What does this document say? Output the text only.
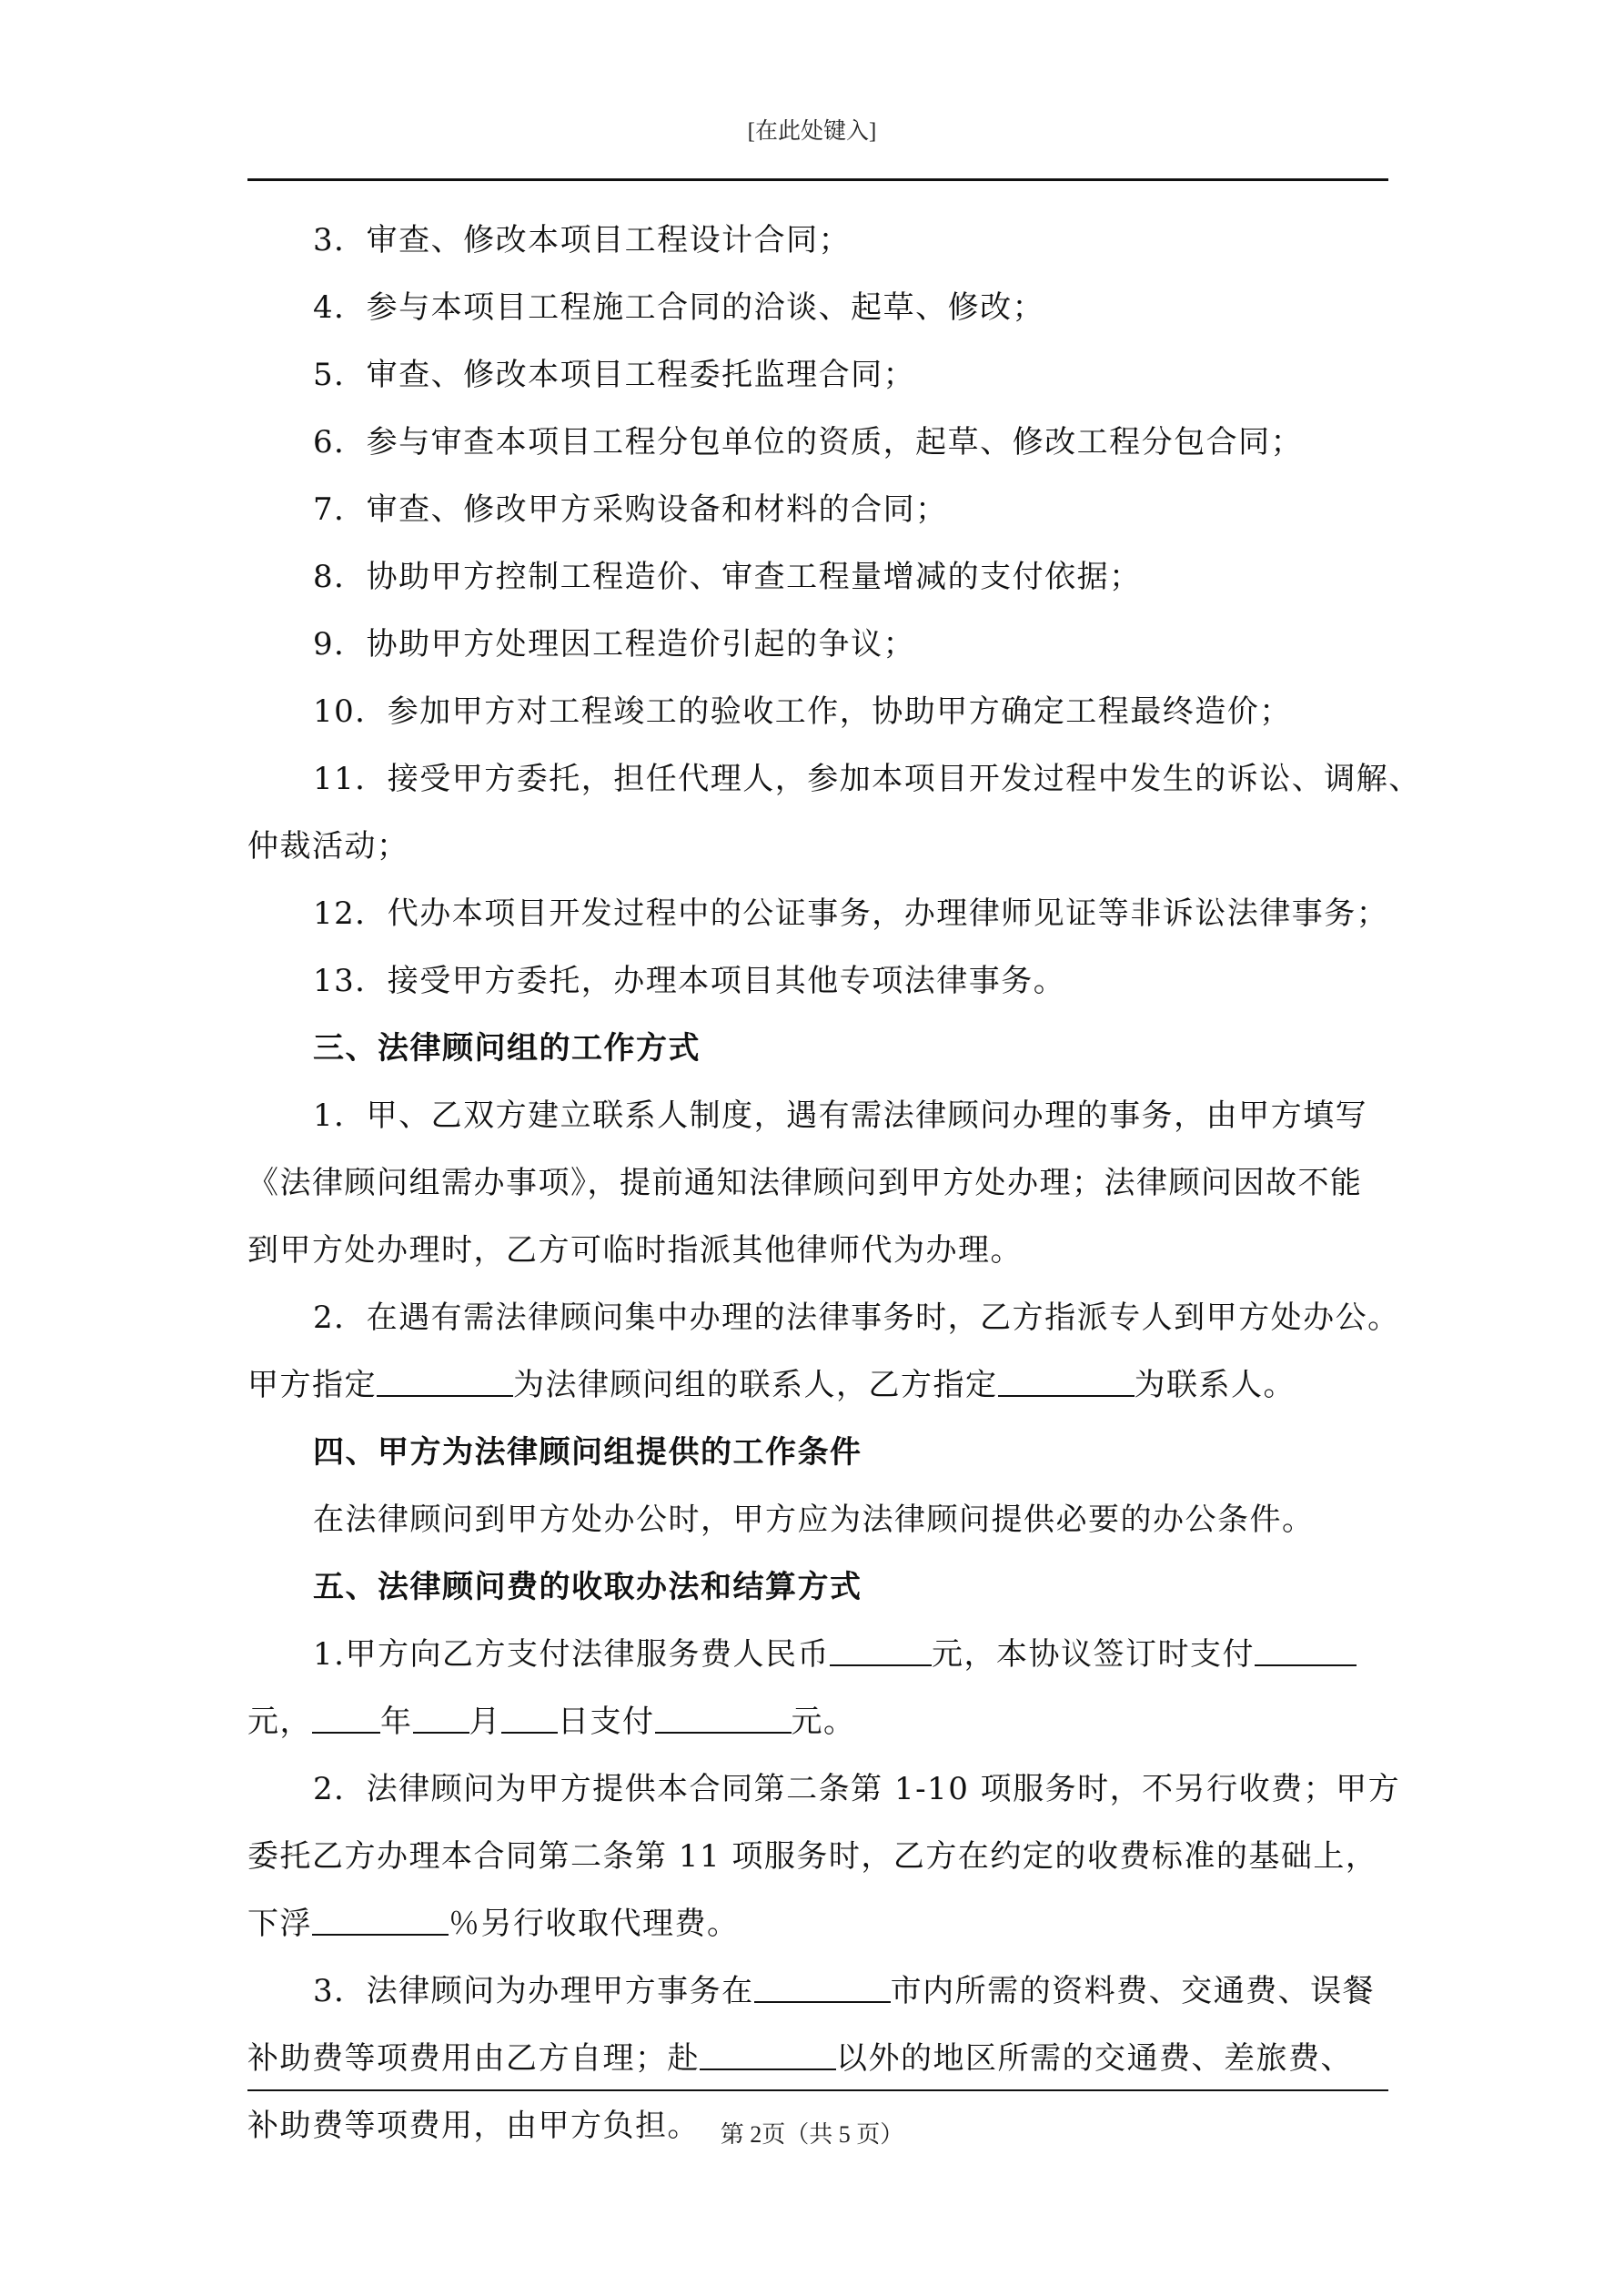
[在此处键入]

3．审查、修改本项目工程设计合同；

4．参与本项目工程施工合同的洽谈、起草、修改；

5．审查、修改本项目工程委托监理合同；

6．参与审查本项目工程分包单位的资质，起草、修改工程分包合同；

7．审查、修改甲方采购设备和材料的合同；

8．协助甲方控制工程造价、审查工程量增减的支付依据；

9．协助甲方处理因工程造价引起的争议；

10．参加甲方对工程竣工的验收工作，协助甲方确定工程最终造价；

11．接受甲方委托，担任代理人，参加本项目开发过程中发生的诉讼、调解、

仲裁活动；

12．代办本项目开发过程中的公证事务，办理律师见证等非诉讼法律事务；

13．接受甲方委托，办理本项目其他专项法律事务。

三、法律顾问组的工作方式

1．甲、乙双方建立联系人制度，遇有需法律顾问办理的事务，由甲方填写

《法律顾问组需办事项》，提前通知法律顾问到甲方处办理；法律顾问因故不能

到甲方处办理时，乙方可临时指派其他律师代为办理。

2．在遇有需法律顾问集中办理的法律事务时，乙方指派专人到甲方处办公。

甲方指定	为法律顾问组的联系人，乙方指定	为联系人。

四、甲方为法律顾问组提供的工作条件

在法律顾问到甲方处办公时，甲方应为法律顾问提供必要的办公条件。

五、法律顾问费的收取办法和结算方式

1.甲方向乙方支付法律服务费人民币	元，本协议签订时支付

元， 年 月 日支付	元。

2．法律顾问为甲方提供本合同第二条第 1-10 项服务时，不另行收费；甲方

委托乙方办理本合同第二条第 11 项服务时，乙方在约定的收费标准的基础上，

下浮	％另行收取代理费。

3．法律顾问为办理甲方事务在	市内所需的资料费、交通费、误餐

补助费等项费用由乙方自理；赴	以外的地区所需的交通费、差旅费、

补助费等项费用，由甲方负担。 第 2页（共 5 页）
